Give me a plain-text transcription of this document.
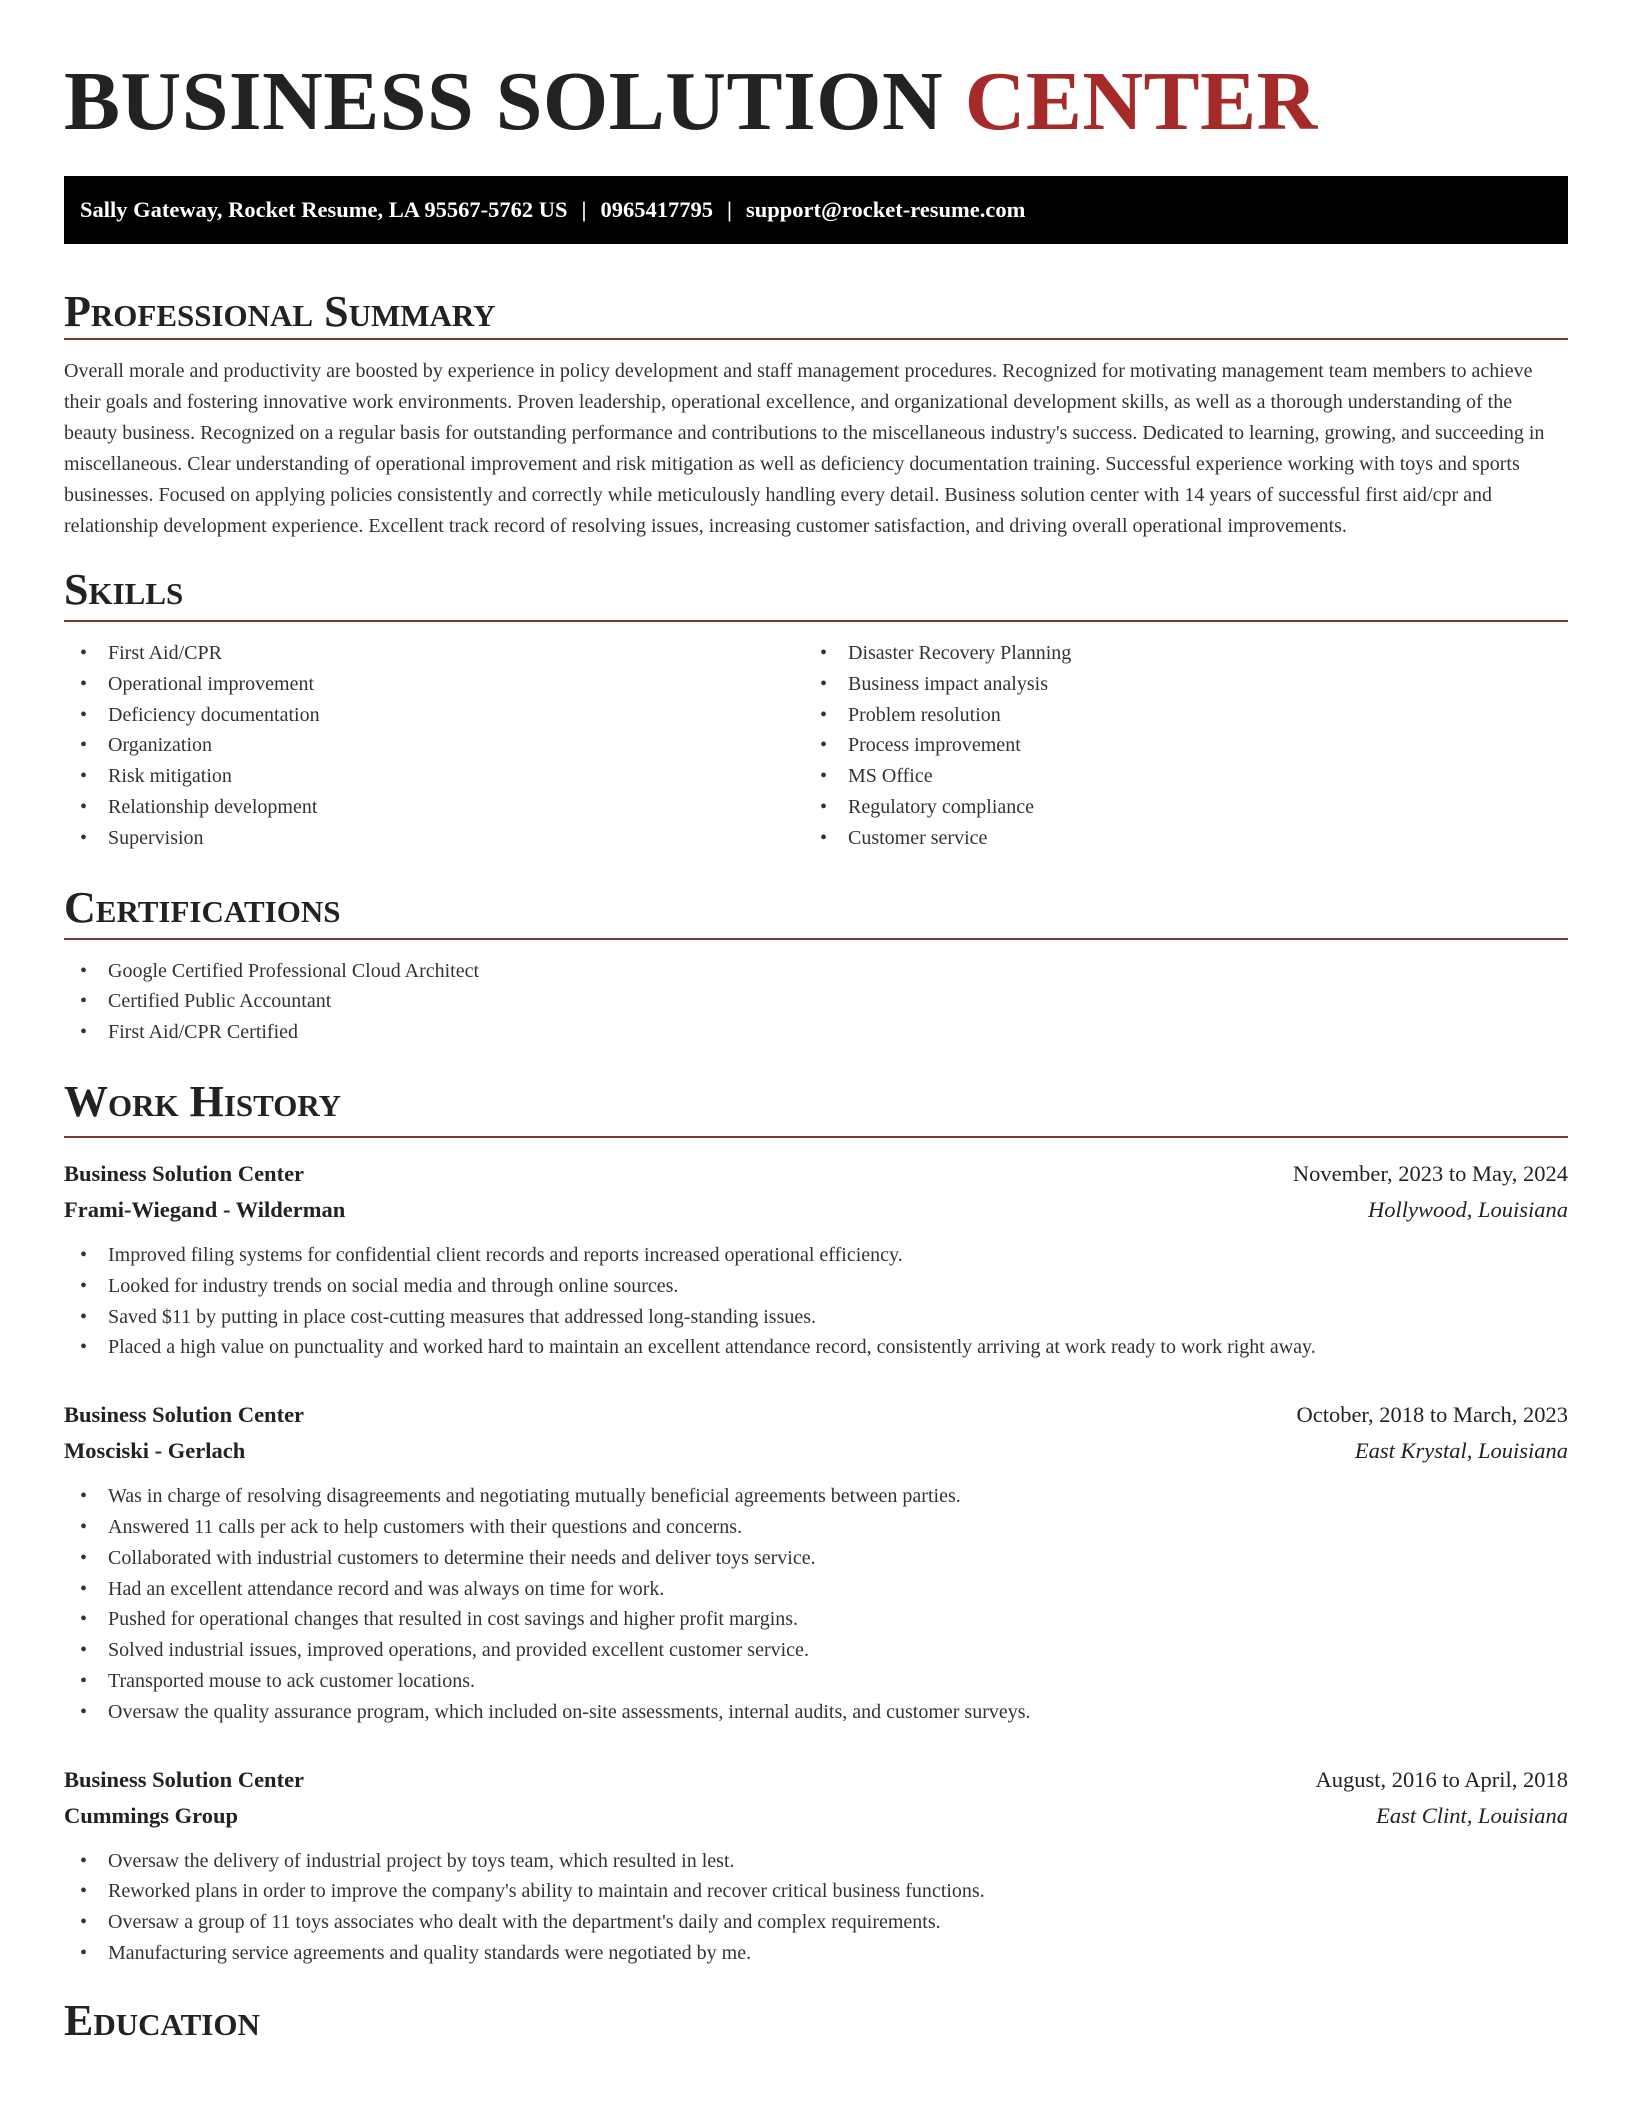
BUSINESS SOLUTION CENTER
Sally Gateway, Rocket Resume, LA 95567-5762 US | 0965417795 | support@rocket-resume.com
Professional Summary

Overall morale and productivity are boosted by experience in policy development and staff management procedures. Recognized for motivating management team members to achieve their goals and fostering innovative work environments. Proven leadership, operational excellence, and organizational development skills, as well as a thorough understanding of the beauty business. Recognized on a regular basis for outstanding performance and contributions to the miscellaneous industry's success. Dedicated to learning, growing, and succeeding in miscellaneous. Clear understanding of operational improvement and risk mitigation as well as deficiency documentation training. Successful experience working with toys and sports businesses. Focused on applying policies consistently and correctly while meticulously handling every detail. Business solution center with 14 years of successful first aid/cpr and relationship development experience. Excellent track record of resolving issues, increasing customer satisfaction, and driving overall operational improvements.

Skills
• First Aid/CPR
• Operational improvement
• Deficiency documentation
• Organization
• Risk mitigation
• Relationship development
• Supervision
• Disaster Recovery Planning
• Business impact analysis
• Problem resolution
• Process improvement
• MS Office
• Regulatory compliance
• Customer service
Certifications
• Google Certified Professional Cloud Architect
• Certified Public Accountant
• First Aid/CPR Certified
Work History
Business Solution Center	November, 2023 to May, 2024
Frami-Wiegand - Wilderman	Hollywood, Louisiana
• Improved filing systems for confidential client records and reports increased operational efficiency.
• Looked for industry trends on social media and through online sources.
• Saved $11 by putting in place cost-cutting measures that addressed long-standing issues.
• Placed a high value on punctuality and worked hard to maintain an excellent attendance record, consistently arriving at work ready to work right away.
Business Solution Center	October, 2018 to March, 2023
Mosciski - Gerlach	East Krystal, Louisiana
• Was in charge of resolving disagreements and negotiating mutually beneficial agreements between parties.
• Answered 11 calls per ack to help customers with their questions and concerns.
• Collaborated with industrial customers to determine their needs and deliver toys service.
• Had an excellent attendance record and was always on time for work.
• Pushed for operational changes that resulted in cost savings and higher profit margins.
• Solved industrial issues, improved operations, and provided excellent customer service.
• Transported mouse to ack customer locations.
• Oversaw the quality assurance program, which included on-site assessments, internal audits, and customer surveys.
Business Solution Center	August, 2016 to April, 2018
Cummings Group	East Clint, Louisiana
• Oversaw the delivery of industrial project by toys team, which resulted in lest.
• Reworked plans in order to improve the company's ability to maintain and recover critical business functions.
• Oversaw a group of 11 toys associates who dealt with the department's daily and complex requirements.
• Manufacturing service agreements and quality standards were negotiated by me.
Education
